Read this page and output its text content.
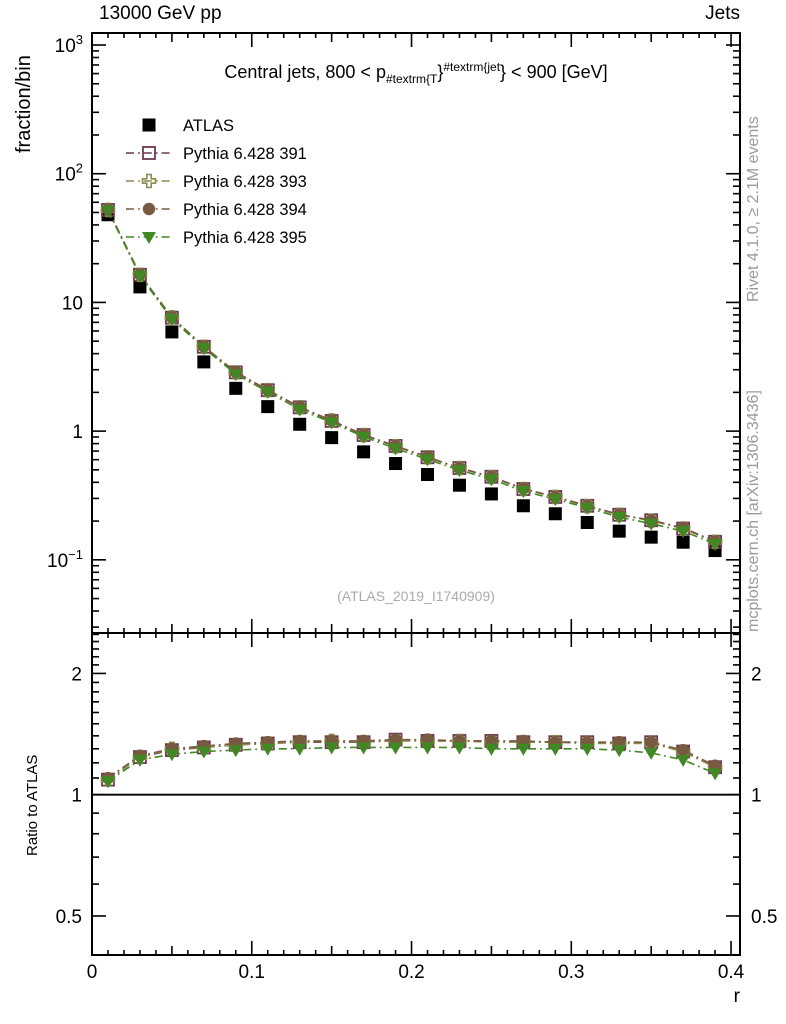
$10^3$
$10^2$
10
1
$10^{-1}$
2	2
1	1
0.5	0.5
0	0.1	0.2	0.3	0.4
ATLAS
Pythia 6.428 391
Pythia 6.428 393
Pythia 6.428 394
Pythia 6.428 395
13000 GeV pp	Jets
Central jets, $800 < p_{\#textrm\{T}\}^{\#textrm\{jet}\} < 900$ [GeV]
(ATLAS_2019_I1740909)
fraction/bin
Ratio to ATLAS
r
Rivet 4.1.0, ≥ 2.1M events
mcplots.cern.ch [arXiv:1306.3436]
